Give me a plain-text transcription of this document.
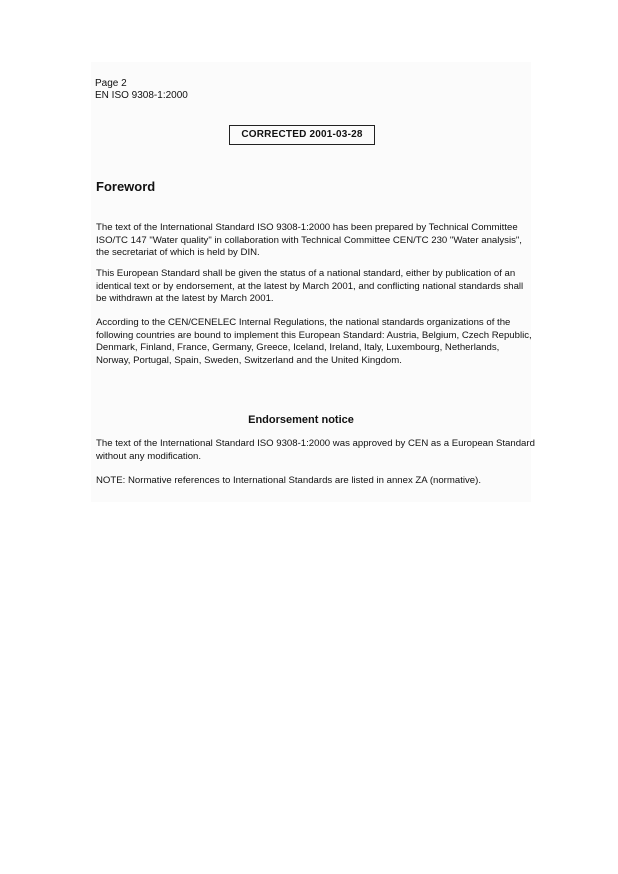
Page 2
EN ISO 9308-1:2000
CORRECTED 2001-03-28
Foreword

The text of the International Standard ISO 9308-1:2000 has been prepared by Technical Committee ISO/TC 147 "Water quality" in collaboration with Technical Committee CEN/TC 230 "Water analysis", the secretariat of which is held by DIN.

This European Standard shall be given the status of a national standard, either by publication of an identical text or by endorsement, at the latest by March 2001, and conflicting national standards shall be withdrawn at the latest by March 2001.

According to the CEN/CENELEC Internal Regulations, the national standards organizations of the following countries are bound to implement this European Standard: Austria, Belgium, Czech Republic, Denmark, Finland, France, Germany, Greece, Iceland, Ireland, Italy, Luxembourg, Netherlands, Norway, Portugal, Spain, Sweden, Switzerland and the United Kingdom.

Endorsement notice

The text of the International Standard ISO 9308-1:2000 was approved by CEN as a European Standard without any modification.

NOTE: Normative references to International Standards are listed in annex ZA (normative).
